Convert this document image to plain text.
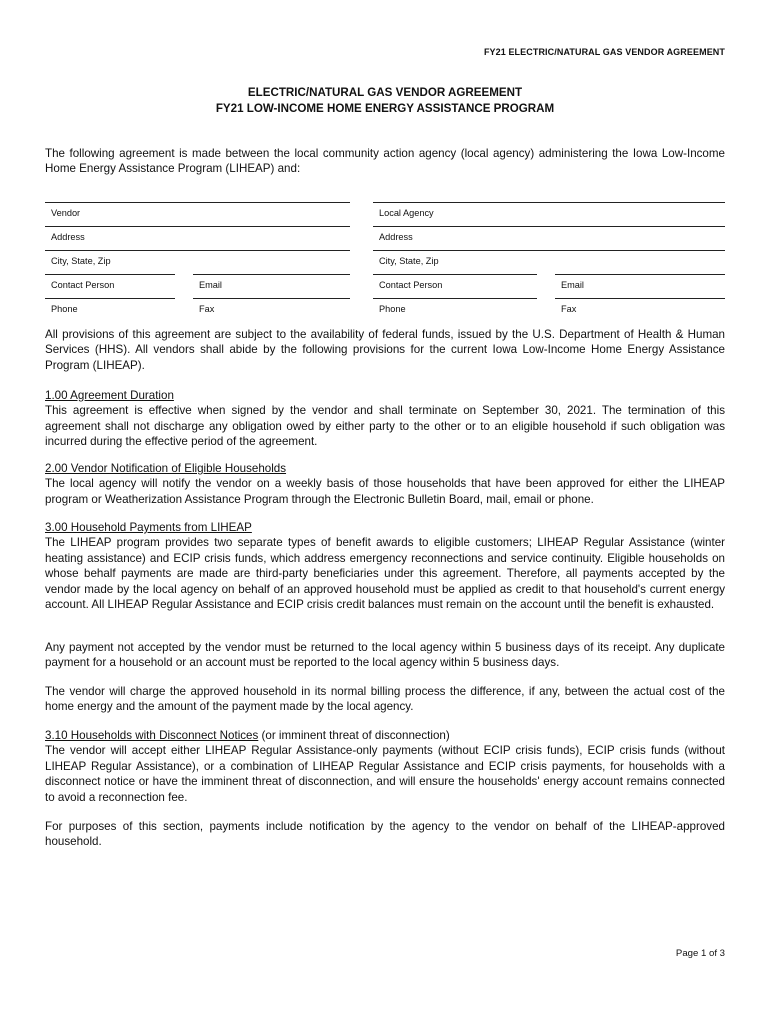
FY21 ELECTRIC/NATURAL GAS VENDOR AGREEMENT
ELECTRIC/NATURAL GAS VENDOR AGREEMENT
FY21 LOW-INCOME HOME ENERGY ASSISTANCE PROGRAM
The following agreement is made between the local community action agency (local agency) administering the Iowa Low-Income Home Energy Assistance Program (LIHEAP) and:
Vendor	Local Agency
Address	Address
City, State, Zip	City, State, Zip
Contact Person	Email	Contact Person	Email
Phone	Fax	Phone	Fax
All provisions of this agreement are subject to the availability of federal funds, issued by the U.S. Department of Health & Human Services (HHS). All vendors shall abide by the following provisions for the current Iowa Low-Income Home Energy Assistance Program (LIHEAP).
1.00 Agreement Duration
This agreement is effective when signed by the vendor and shall terminate on September 30, 2021. The termination of this agreement shall not discharge any obligation owed by either party to the other or to an eligible household if such obligation was incurred during the effective period of the agreement.
2.00 Vendor Notification of Eligible Households
The local agency will notify the vendor on a weekly basis of those households that have been approved for either the LIHEAP program or Weatherization Assistance Program through the Electronic Bulletin Board, mail, email or phone.
3.00 Household Payments from LIHEAP
The LIHEAP program provides two separate types of benefit awards to eligible customers; LIHEAP Regular Assistance (winter heating assistance) and ECIP crisis funds, which address emergency reconnections and service continuity. Eligible households on whose behalf payments are made are third-party beneficiaries under this agreement. Therefore, all payments accepted by the vendor made by the local agency on behalf of an approved household must be applied as credit to that household's current energy account. All LIHEAP Regular Assistance and ECIP crisis credit balances must remain on the account until the benefit is exhausted.
Any payment not accepted by the vendor must be returned to the local agency within 5 business days of its receipt. Any duplicate payment for a household or an account must be reported to the local agency within 5 business days.
The vendor will charge the approved household in its normal billing process the difference, if any, between the actual cost of the home energy and the amount of the payment made by the local agency.
3.10 Households with Disconnect Notices (or imminent threat of disconnection)
The vendor will accept either LIHEAP Regular Assistance-only payments (without ECIP crisis funds), ECIP crisis funds (without LIHEAP Regular Assistance), or a combination of LIHEAP Regular Assistance and ECIP crisis payments, for households with a disconnect notice or have the imminent threat of disconnection, and will ensure the households' energy account remains connected to avoid a reconnection fee.
For purposes of this section, payments include notification by the agency to the vendor on behalf of the LIHEAP-approved household.
Page 1 of 3
